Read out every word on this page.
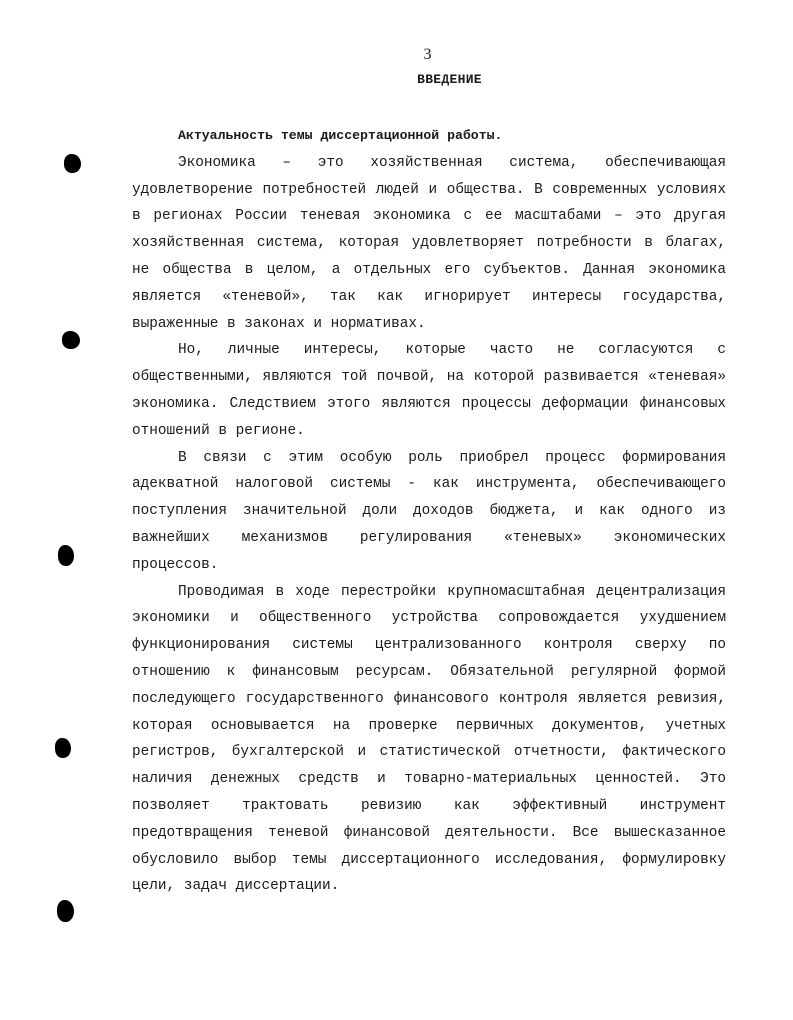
3
ВВЕДЕНИЕ

Актуальность темы диссертационной работы.

Экономика – это хозяйственная система, обеспечивающая удовлетворение потребностей людей и общества. В современных условиях в регионах России теневая экономика с ее масштабами – это другая хозяйственная система, которая удовлетворяет потребности в благах, не общества в целом, а отдельных его субъектов. Данная экономика является «теневой», так как игнорирует интересы государства, выраженные в законах и нормативах.

Но, личные интересы, которые часто не согласуются с общественными, являются той почвой, на которой развивается «теневая» экономика. Следствием этого являются процессы деформации финансовых отношений в регионе.

В связи с этим особую роль приобрел процесс формирования адекватной налоговой системы - как инструмента, обеспечивающего поступления значительной доли доходов бюджета, и как одного из важнейших механизмов регулирования «теневых» экономических процессов.

Проводимая в ходе перестройки крупномасштабная децентрализация экономики и общественного устройства сопровождается ухудшением функционирования системы централизованного контроля сверху по отношению к финансовым ресурсам. Обязательной регулярной формой последующего государственного финансового контроля является ревизия, которая основывается на проверке первичных документов, учетных регистров, бухгалтерской и статистической отчетности, фактического наличия денежных средств и товарно-материальных ценностей. Это позволяет трактовать ревизию как эффективный инструмент предотвращения теневой финансовой деятельности. Все вышесказанное обусловило выбор темы диссертационного исследования, формулировку цели, задач диссертации.
